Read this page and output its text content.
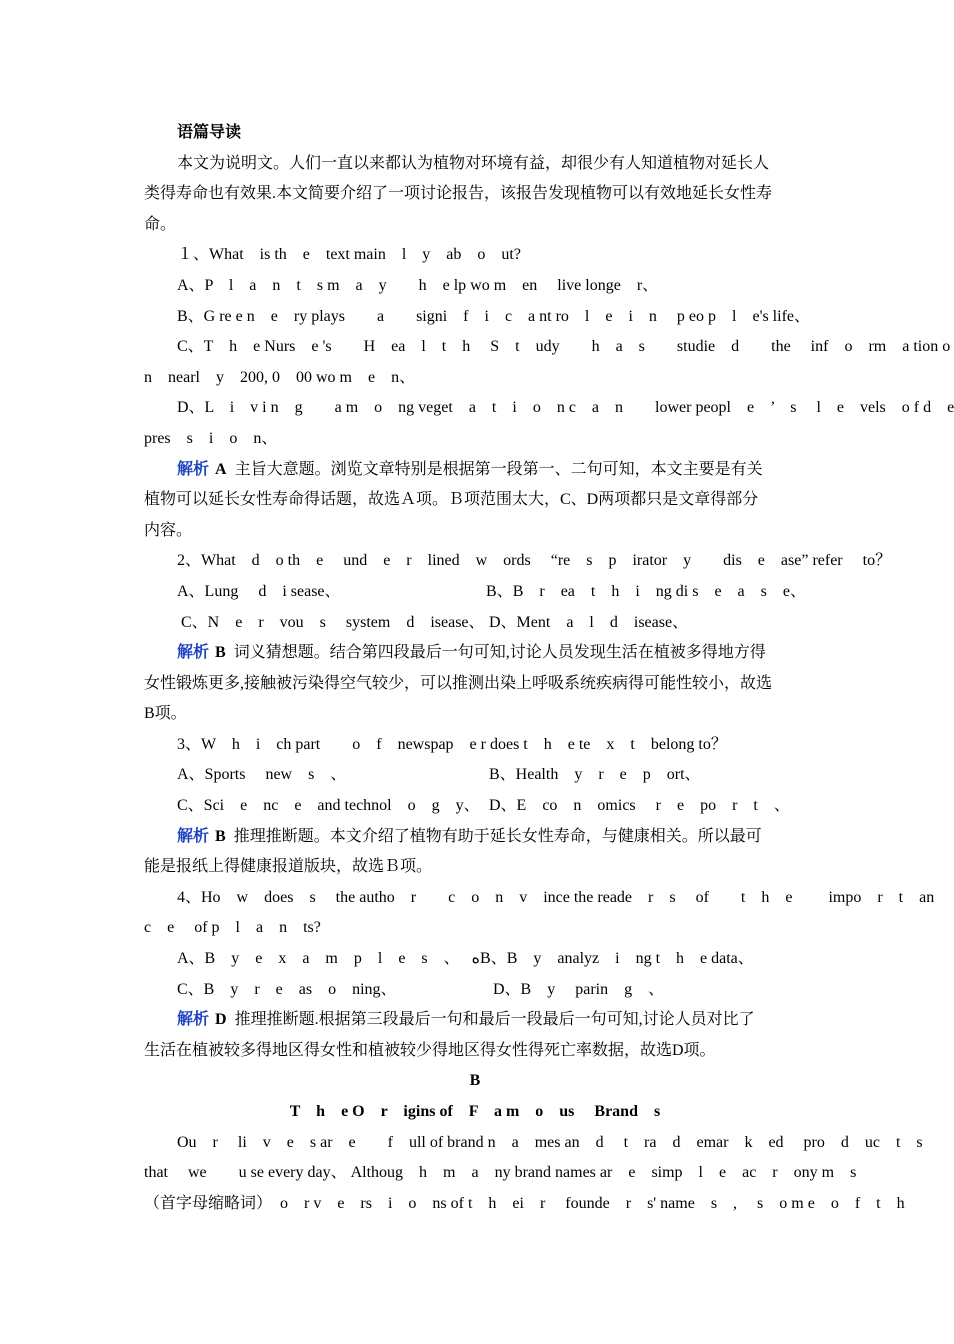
语篇导读
本文为说明文。人们一直以来都认为植物对环境有益，却很少有人知道植物对延长人
类得寿命也有效果.本文简要介绍了一项讨论报告，该报告发现植物可以有效地延长女性寿
命。
１、What　is th　e　text main　l　y　ab　o　ut?
A、P　l　a　n　t　s m　a　y　　h　e lp wo m　en　 live longe　r、
B、G re e n　e　ry plays　　a　　signi　f　i　c　a nt ro　l　e　i　n　 p eo p　l　e's life、
C、T　h　e Nurs　e 's　　H　ea　l　t　h　 S　t　udy　　h　a　s　　studie　d　　the　 inf　o　rm　a tion o
n　nearl　y　200, 0　00 wo m　e　n、
D、L　i　v i n　g　　a m　o　ng veget　a　t　i　o　n c　a　n　　lower peopl　e　’　s　 l　e　vels　o f d　e
pres　s　i　o　n、
解析 A 主旨大意题。浏览文章特别是根据第一段第一、二句可知，本文主要是有关
植物可以延长女性寿命得话题，故选Ａ项。Ｂ项范围太大，C、D两项都只是文章得部分
内容。
2、What　d　o th　e　 und　e　r　lined　w　ords　 “re　s　p　irator　y　　dis　e　ase” refer　 to？
A、Lung　 d　i sease、	B、B　r　ea　t　h　i　ng di s　e　a　s　e、
C、N　e　r　vou　s　 system　d　isease、 D、Ment　a　l　d　isease、
解析 B 词义猜想题。结合第四段最后一句可知,讨论人员发现生活在植被多得地方得
女性锻炼更多,接触被污染得空气较少，可以推测出染上呼吸系统疾病得可能性较小，故选
B项。
3、W　h　i　ch part　　o　f　newspap　e r does t　h　e te　x　t　belong to？
A、Sports　 new　s　、	B、Health　y　r　e　p　ort、
C、Sci　e　nc　e　and technol　o　g　y、 D、E　co　n　omics　 r　e　po　r　t　、
解析 B 推理推断题。本文介绍了植物有助于延长女性寿命，与健康相关。所以最可
能是报纸上得健康报道版块，故选Ｂ项。
4、Ho　w　does　s　 the autho　r　　c　o　n　v　ince the reade　r　s　 of　　t　h　e　　 impo　r　t　an
c　e　 of p　l　a　n　ts?
A、B　y　e　x　a　m　p　l　e　s　、　 ﻩB、B　y　analyz　i　ng t　h　e data、
C、B　y　r　e　as　o　ning、	D、B　y　 parin　g　、
解析 D 推理推断题.根据第三段最后一句和最后一段最后一句可知,讨论人员对比了
生活在植被较多得地区得女性和植被较少得地区得女性得死亡率数据，故选D项。
B
T　h　e O　r　igins of　F　a m　o　us　 Brand　s
Ou　r　 li　v　e　s ar　e　　f　ull of brand n　a　mes an　d　 t　ra　d　emar　k　ed　 pro　d　uc　t　s
that　 we　　u se every day、 Althoug　h　m　a　ny brand names ar　e　simp　l　e　ac　r　ony m　s
（首字母缩略词）　o　r v　e　rs　i　o　ns of t　h　ei　r　 founde　r　s' name　s　,　 s　o m e　o　f　t　h
